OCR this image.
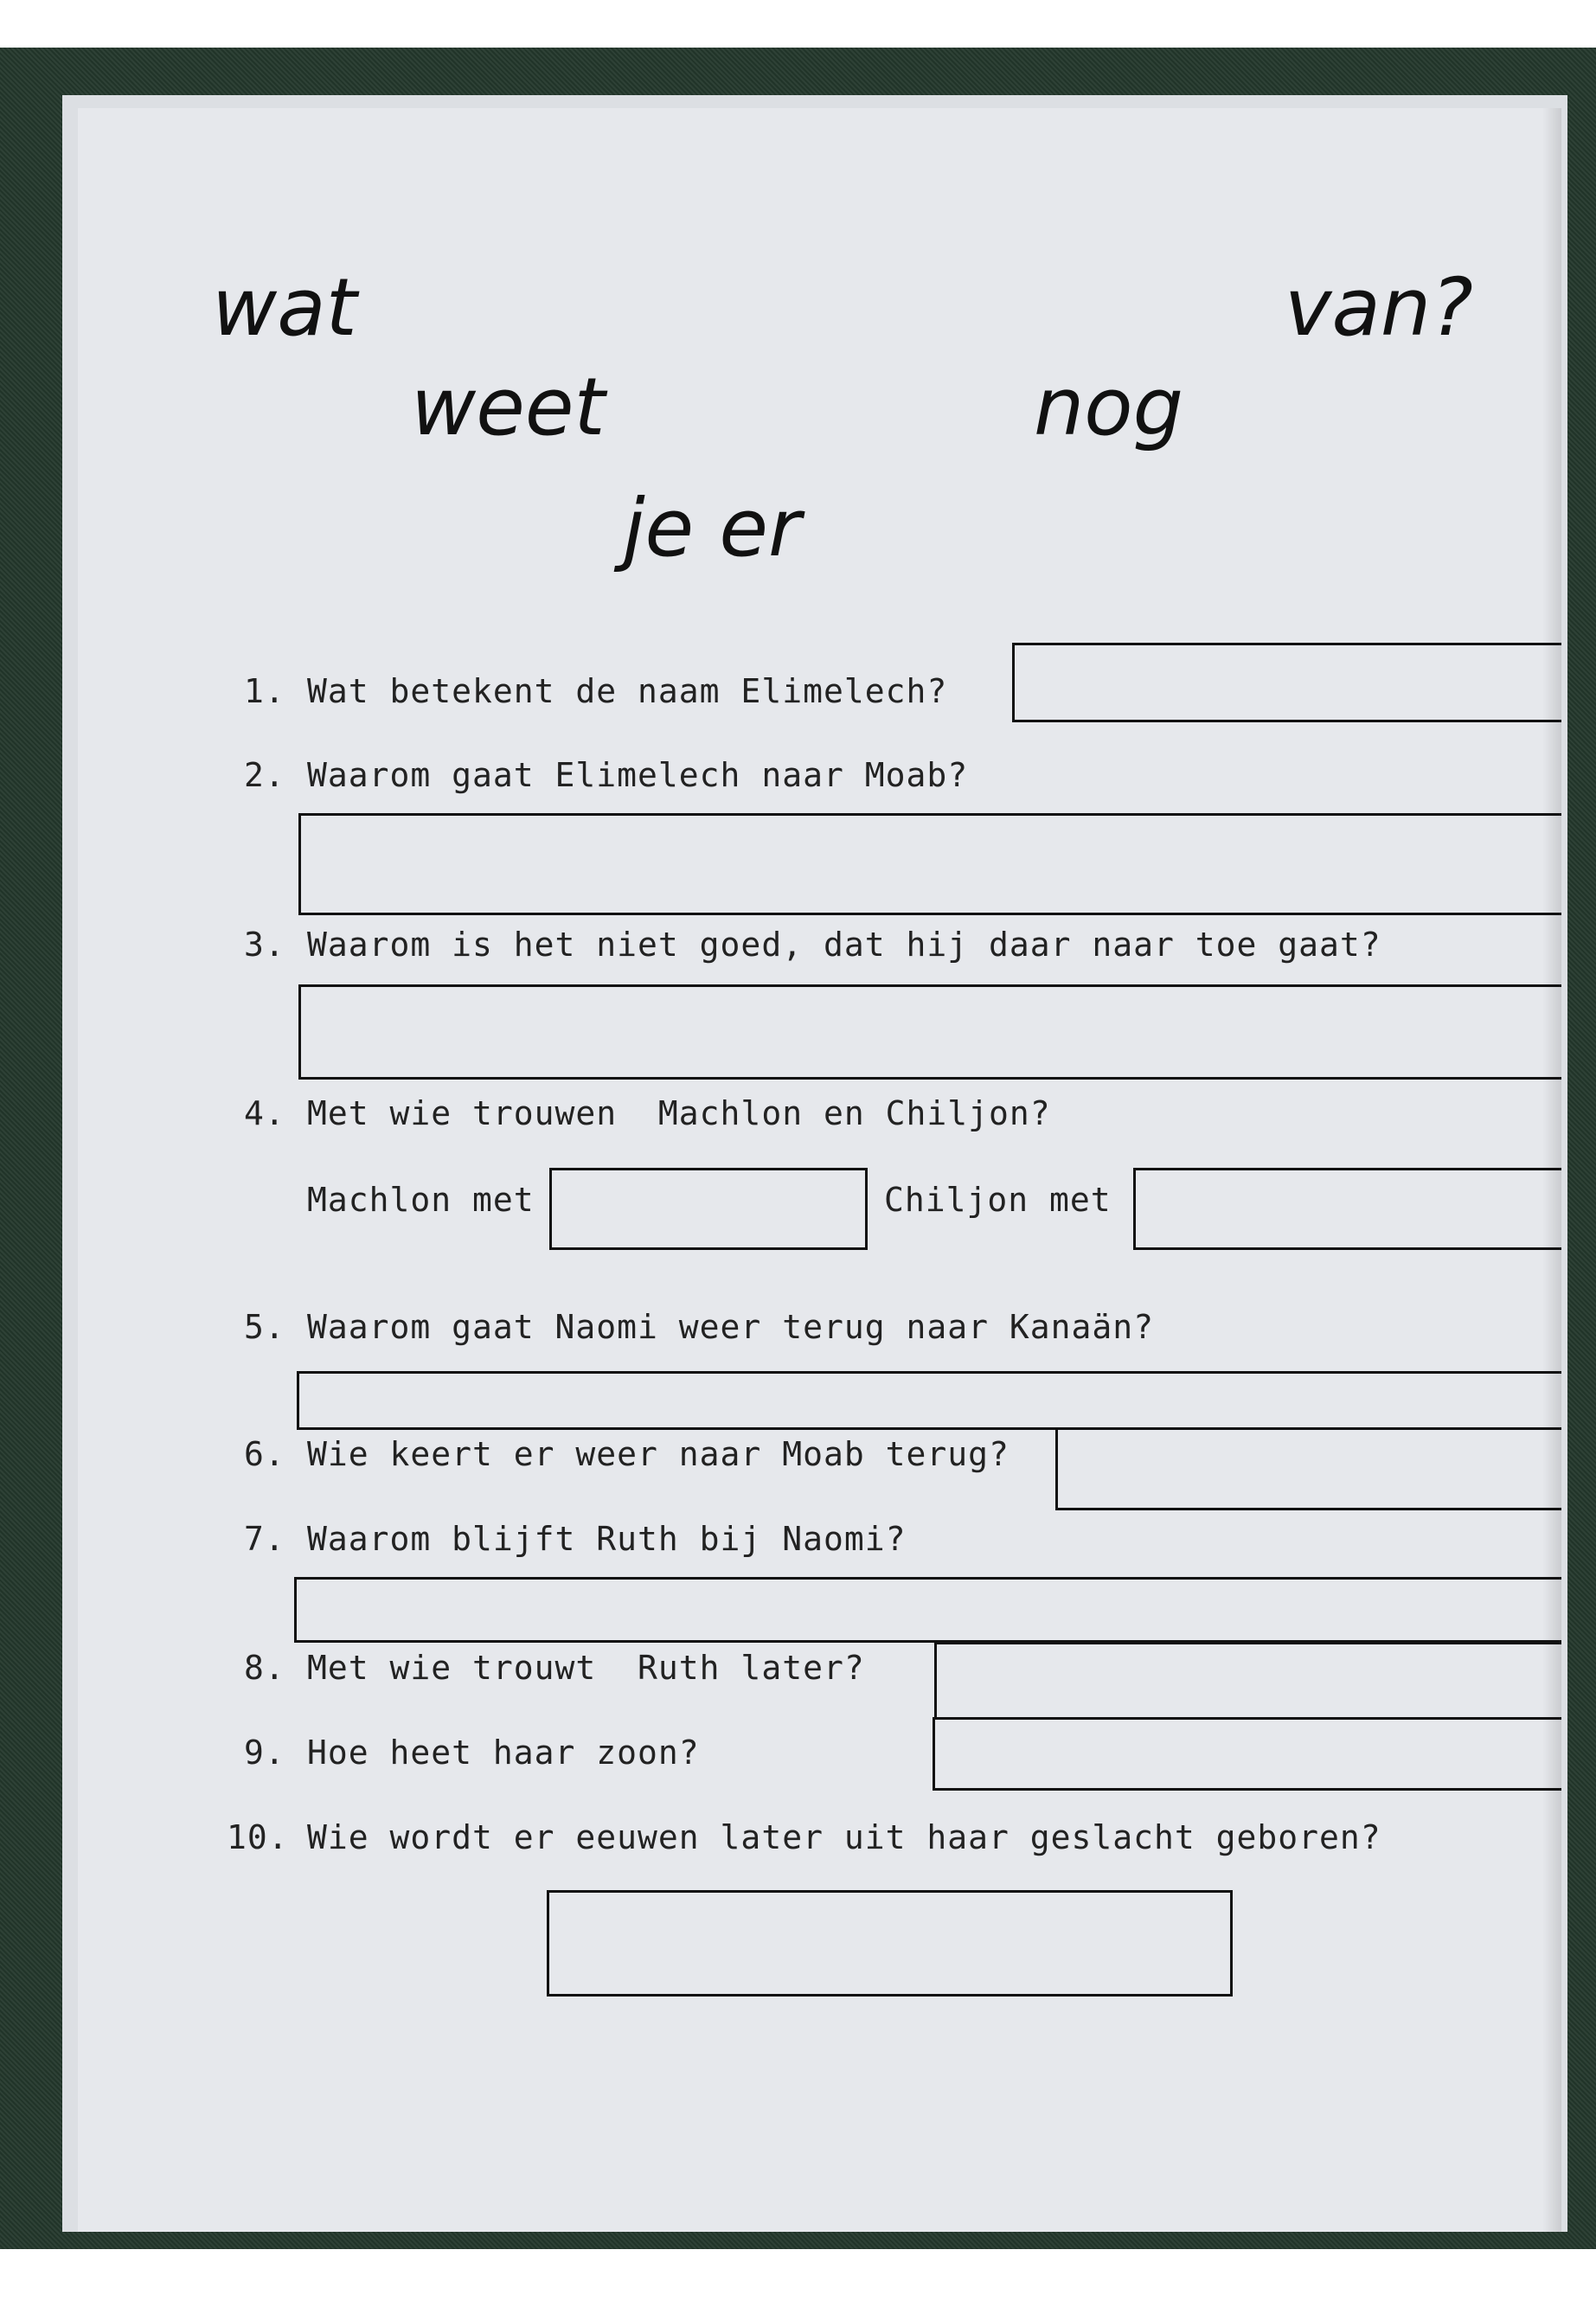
wat
weet
je er
nog
van?
1. Wat betekent de naam Elimelech?
2. Waarom gaat Elimelech naar Moab?
3. Waarom is het niet goed, dat hij daar naar toe gaat?
4. Met wie trouwen  Machlon en Chiljon?
Machlon met	Chiljon met
5. Waarom gaat Naomi weer terug naar Kanaän?
6. Wie keert er weer naar Moab terug?
7. Waarom blijft Ruth bij Naomi?
8. Met wie trouwt  Ruth later?
9. Hoe heet haar zoon?
10. Wie wordt er eeuwen later uit haar geslacht geboren?
